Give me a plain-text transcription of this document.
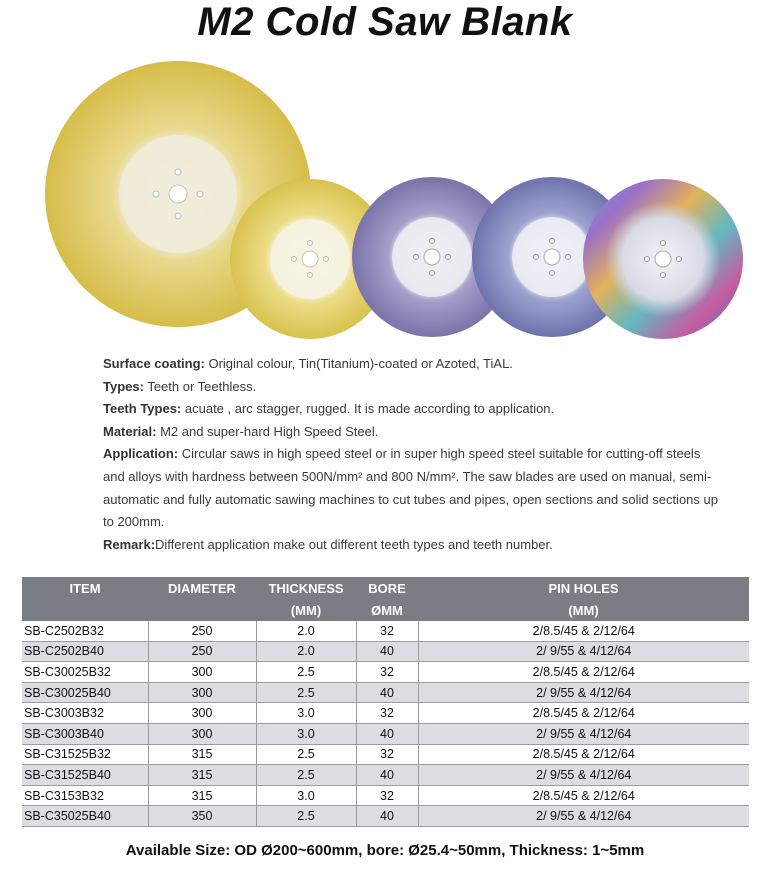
M2 Cold Saw Blank

Surface coating: Original colour, Tin(Titanium)-coated or Azoted, TiAL.

Types: Teeth or Teethless.

Teeth Types: acuate , arc stagger, rugged. It is made according to application.

Material: M2 and super-hard High Speed Steel.

Application: Circular saws in high speed steel or in super high speed steel suitable for cutting-off steels and alloys with hardness between 500N/mm² and 800 N/mm². The saw blades are used on manual, semi-automatic and fully automatic sawing machines to cut tubes and pipes, open sections and solid sections up to 200mm.

Remark:Different application make out different teeth types and teeth number.

ITEM	DIAMETER	THICKNESS	BORE	PIN HOLES
		(MM)	ØMM	(MM)
SB-C2502B32	250	2.0	32	2/8.5/45 & 2/12/64
SB-C2502B40	250	2.0	40	2/ 9/55 & 4/12/64
SB-C30025B32	300	2.5	32	2/8.5/45 & 2/12/64
SB-C30025B40	300	2.5	40	2/ 9/55 & 4/12/64
SB-C3003B32	300	3.0	32	2/8.5/45 & 2/12/64
SB-C3003B40	300	3.0	40	2/ 9/55 & 4/12/64
SB-C31525B32	315	2.5	32	2/8.5/45 & 2/12/64
SB-C31525B40	315	2.5	40	2/ 9/55 & 4/12/64
SB-C3153B32	315	3.0	32	2/8.5/45 & 2/12/64
SB-C35025B40	350	2.5	40	2/ 9/55 & 4/12/64
Available Size: OD Ø200~600mm, bore: Ø25.4~50mm, Thickness: 1~5mm
